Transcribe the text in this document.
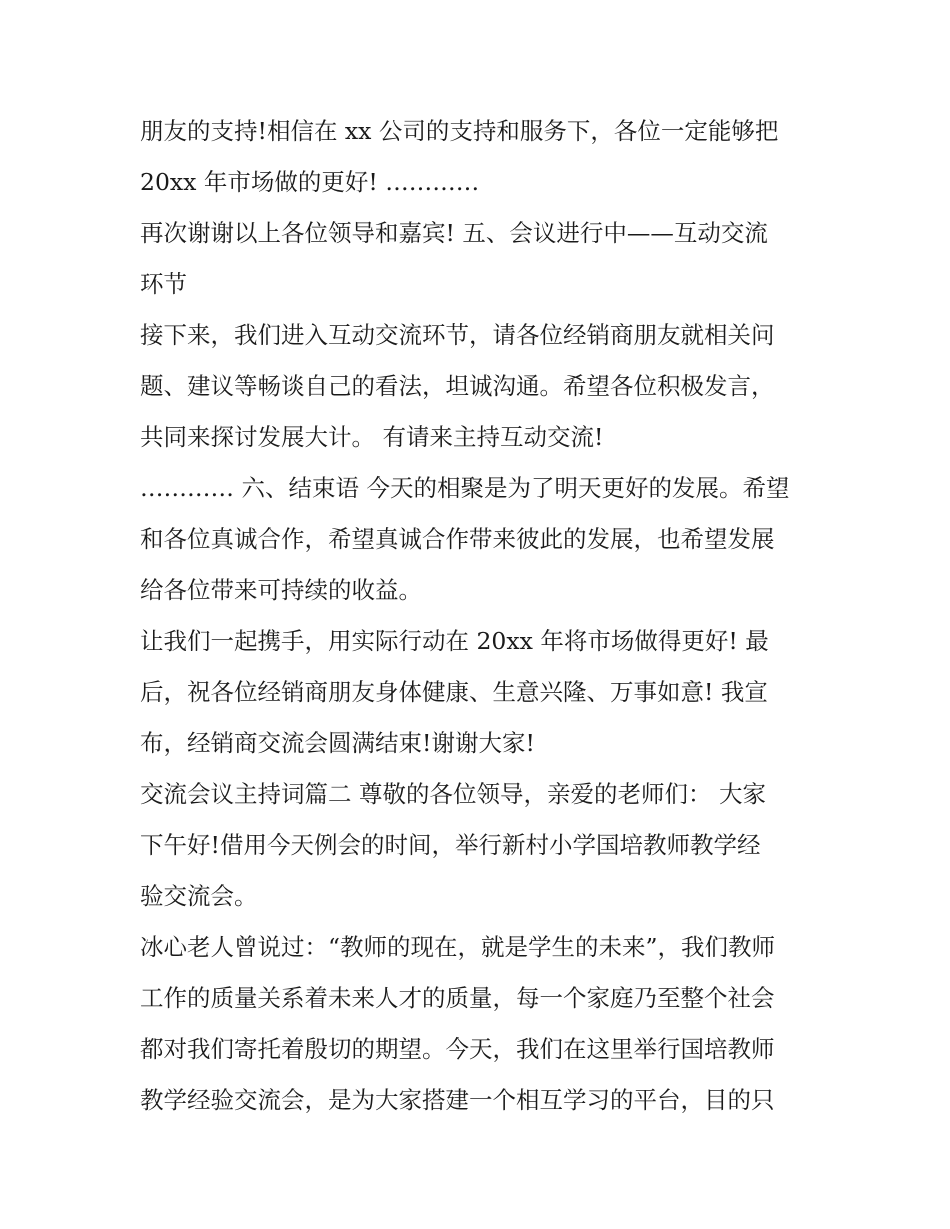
朋友的支持!相信在 xx 公司的支持和服务下，各位一定能够把
20xx 年市场做的更好! …………
再次谢谢以上各位领导和嘉宾! 五、会议进行中——互动交流
环节
接下来，我们进入互动交流环节，请各位经销商朋友就相关问
题、建议等畅谈自己的看法，坦诚沟通。希望各位积极发言，
共同来探讨发展大计。 有请来主持互动交流!
………… 六、结束语 今天的相聚是为了明天更好的发展。希望
和各位真诚合作，希望真诚合作带来彼此的发展，也希望发展
给各位带来可持续的收益。
让我们一起携手，用实际行动在 20xx 年将市场做得更好! 最
后，祝各位经销商朋友身体健康、生意兴隆、万事如意! 我宣
布，经销商交流会圆满结束!谢谢大家!
交流会议主持词篇二 尊敬的各位领导，亲爱的老师们： 大家
下午好!借用今天例会的时间，举行新村小学国培教师教学经
验交流会。
冰心老人曾说过：“教师的现在，就是学生的未来”，我们教师
工作的质量关系着未来人才的质量，每一个家庭乃至整个社会
都对我们寄托着殷切的期望。今天，我们在这里举行国培教师
教学经验交流会，是为大家搭建一个相互学习的平台，目的只
